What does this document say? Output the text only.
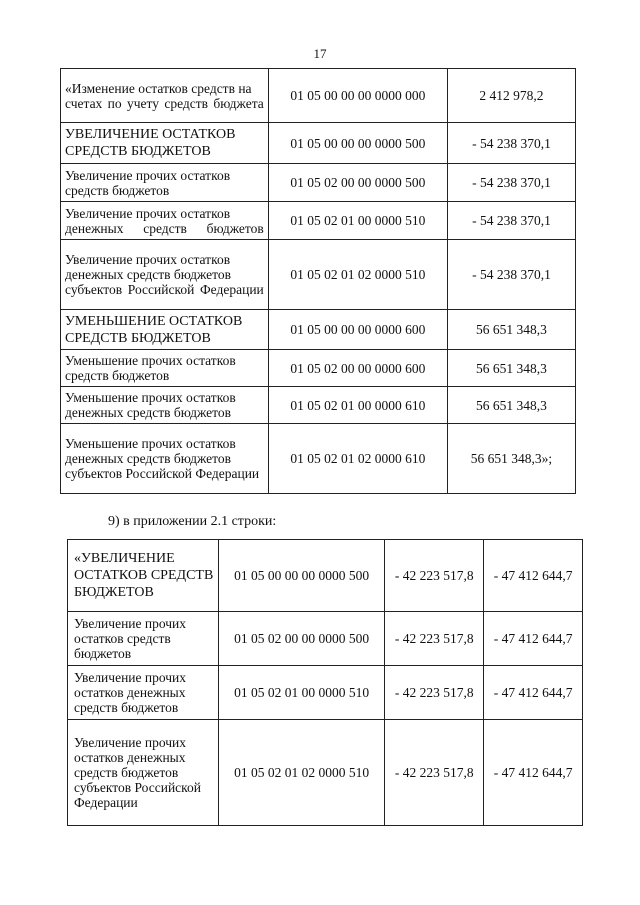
17
«Изменение остатков средств на счетах по учету средств бюджета	01 05 00 00 00 0000 000	2 412 978,2
УВЕЛИЧЕНИЕ ОСТАТКОВ СРЕДСТВ БЮДЖЕТОВ	01 05 00 00 00 0000 500	- 54 238 370,1
Увеличение прочих остатков средств бюджетов	01 05 02 00 00 0000 500	- 54 238 370,1
Увеличение прочих остатков денежных средств бюджетов	01 05 02 01 00 0000 510	- 54 238 370,1
Увеличение прочих остатков денежных средств бюджетов субъектов Российской Федерации	01 05 02 01 02 0000 510	- 54 238 370,1
УМЕНЬШЕНИЕ ОСТАТКОВ СРЕДСТВ БЮДЖЕТОВ	01 05 00 00 00 0000 600	56 651 348,3
Уменьшение прочих остатков средств бюджетов	01 05 02 00 00 0000 600	56 651 348,3
Уменьшение прочих остатков денежных средств бюджетов	01 05 02 01 00 0000 610	56 651 348,3
Уменьшение прочих остатков денежных средств бюджетов субъектов Российской Федерации	01 05 02 01 02 0000 610	56 651 348,3»;
9) в приложении 2.1 строки:
«УВЕЛИЧЕНИЕ ОСТАТКОВ СРЕДСТВ БЮДЖЕТОВ	01 05 00 00 00 0000 500	- 42 223 517,8	- 47 412 644,7
Увеличение прочих остатков средств бюджетов	01 05 02 00 00 0000 500	- 42 223 517,8	- 47 412 644,7
Увеличение прочих остатков денежных средств бюджетов	01 05 02 01 00 0000 510	- 42 223 517,8	- 47 412 644,7
Увеличение прочих остатков денежных средств бюджетов субъектов Российской Федерации	01 05 02 01 02 0000 510	- 42 223 517,8	- 47 412 644,7
